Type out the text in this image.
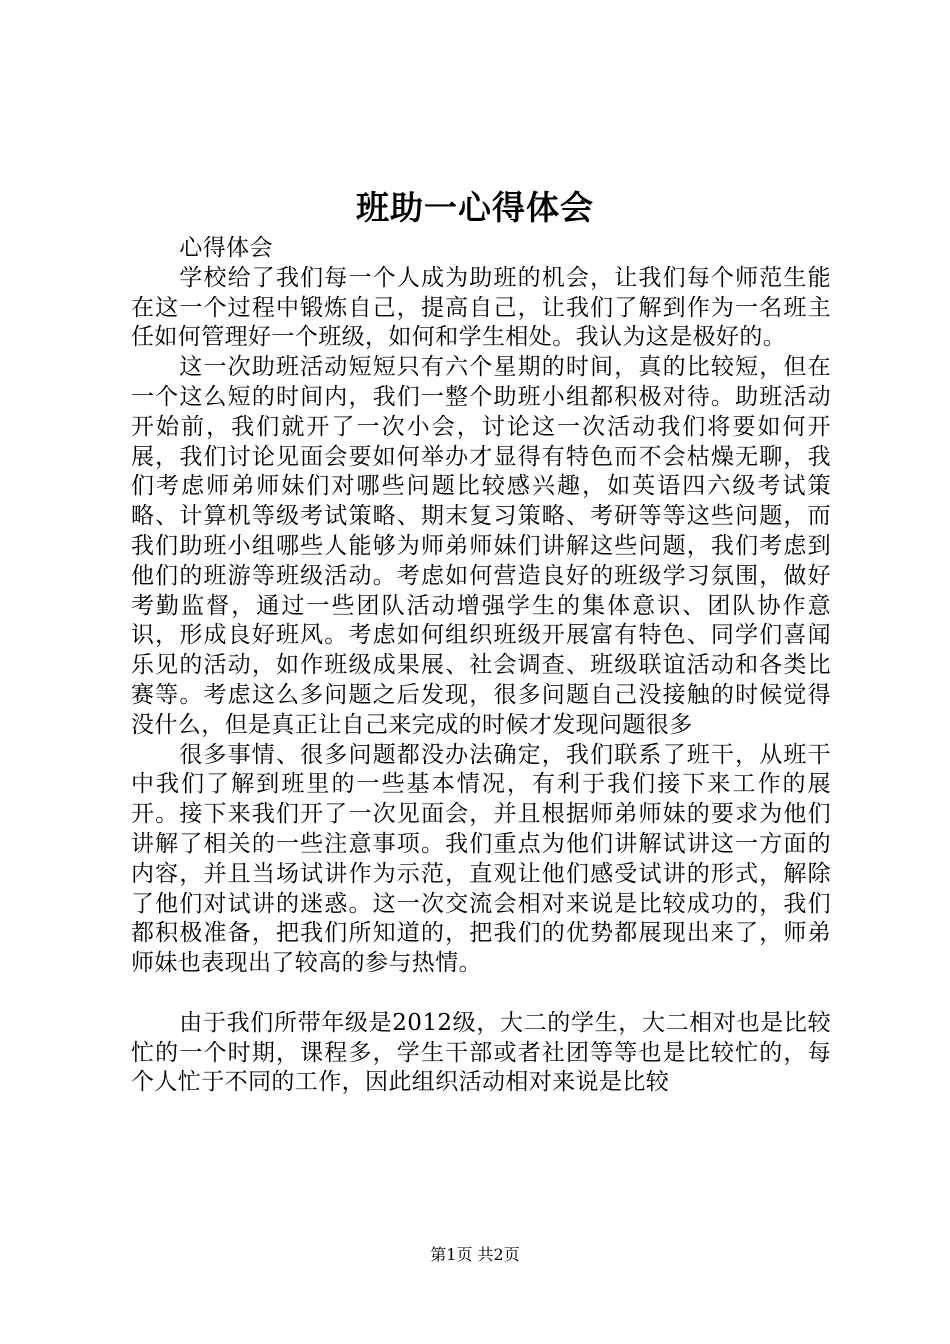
班助一心得体会

心得体会

学校给了我们每一个人成为助班的机会，让我们每个师范生能在这一个过程中锻炼自己，提高自己，让我们了解到作为一名班主任如何管理好一个班级，如何和学生相处。我认为这是极好的。

这一次助班活动短短只有六个星期的时间，真的比较短，但在一个这么短的时间内，我们一整个助班小组都积极对待。助班活动开始前，我们就开了一次小会，讨论这一次活动我们将要如何开展，我们讨论见面会要如何举办才显得有特色而不会枯燥无聊，我们考虑师弟师妹们对哪些问题比较感兴趣，如英语四六级考试策略、计算机等级考试策略、期末复习策略、考研等等这些问题，而我们助班小组哪些人能够为师弟师妹们讲解这些问题，我们考虑到他们的班游等班级活动。考虑如何营造良好的班级学习氛围，做好考勤监督，通过一些团队活动增强学生的集体意识、团队协作意识，形成良好班风。考虑如何组织班级开展富有特色、同学们喜闻乐见的活动，如作班级成果展、社会调查、班级联谊活动和各类比赛等。考虑这么多问题之后发现，很多问题自己没接触的时候觉得没什么，但是真正让自己来完成的时候才发现问题很多

很多事情、很多问题都没办法确定，我们联系了班干，从班干中我们了解到班里的一些基本情况，有利于我们接下来工作的展开。接下来我们开了一次见面会，并且根据师弟师妹的要求为他们讲解了相关的一些注意事项。我们重点为他们讲解试讲这一方面的内容，并且当场试讲作为示范，直观让他们感受试讲的形式，解除了他们对试讲的迷惑。这一次交流会相对来说是比较成功的，我们都积极准备，把我们所知道的，把我们的优势都展现出来了，师弟师妹也表现出了较高的参与热情。

由于我们所带年级是2012级，大二的学生，大二相对也是比较忙的一个时期，课程多，学生干部或者社团等等也是比较忙的，每个人忙于不同的工作，因此组织活动相对来说是比较

第1页 共2页
